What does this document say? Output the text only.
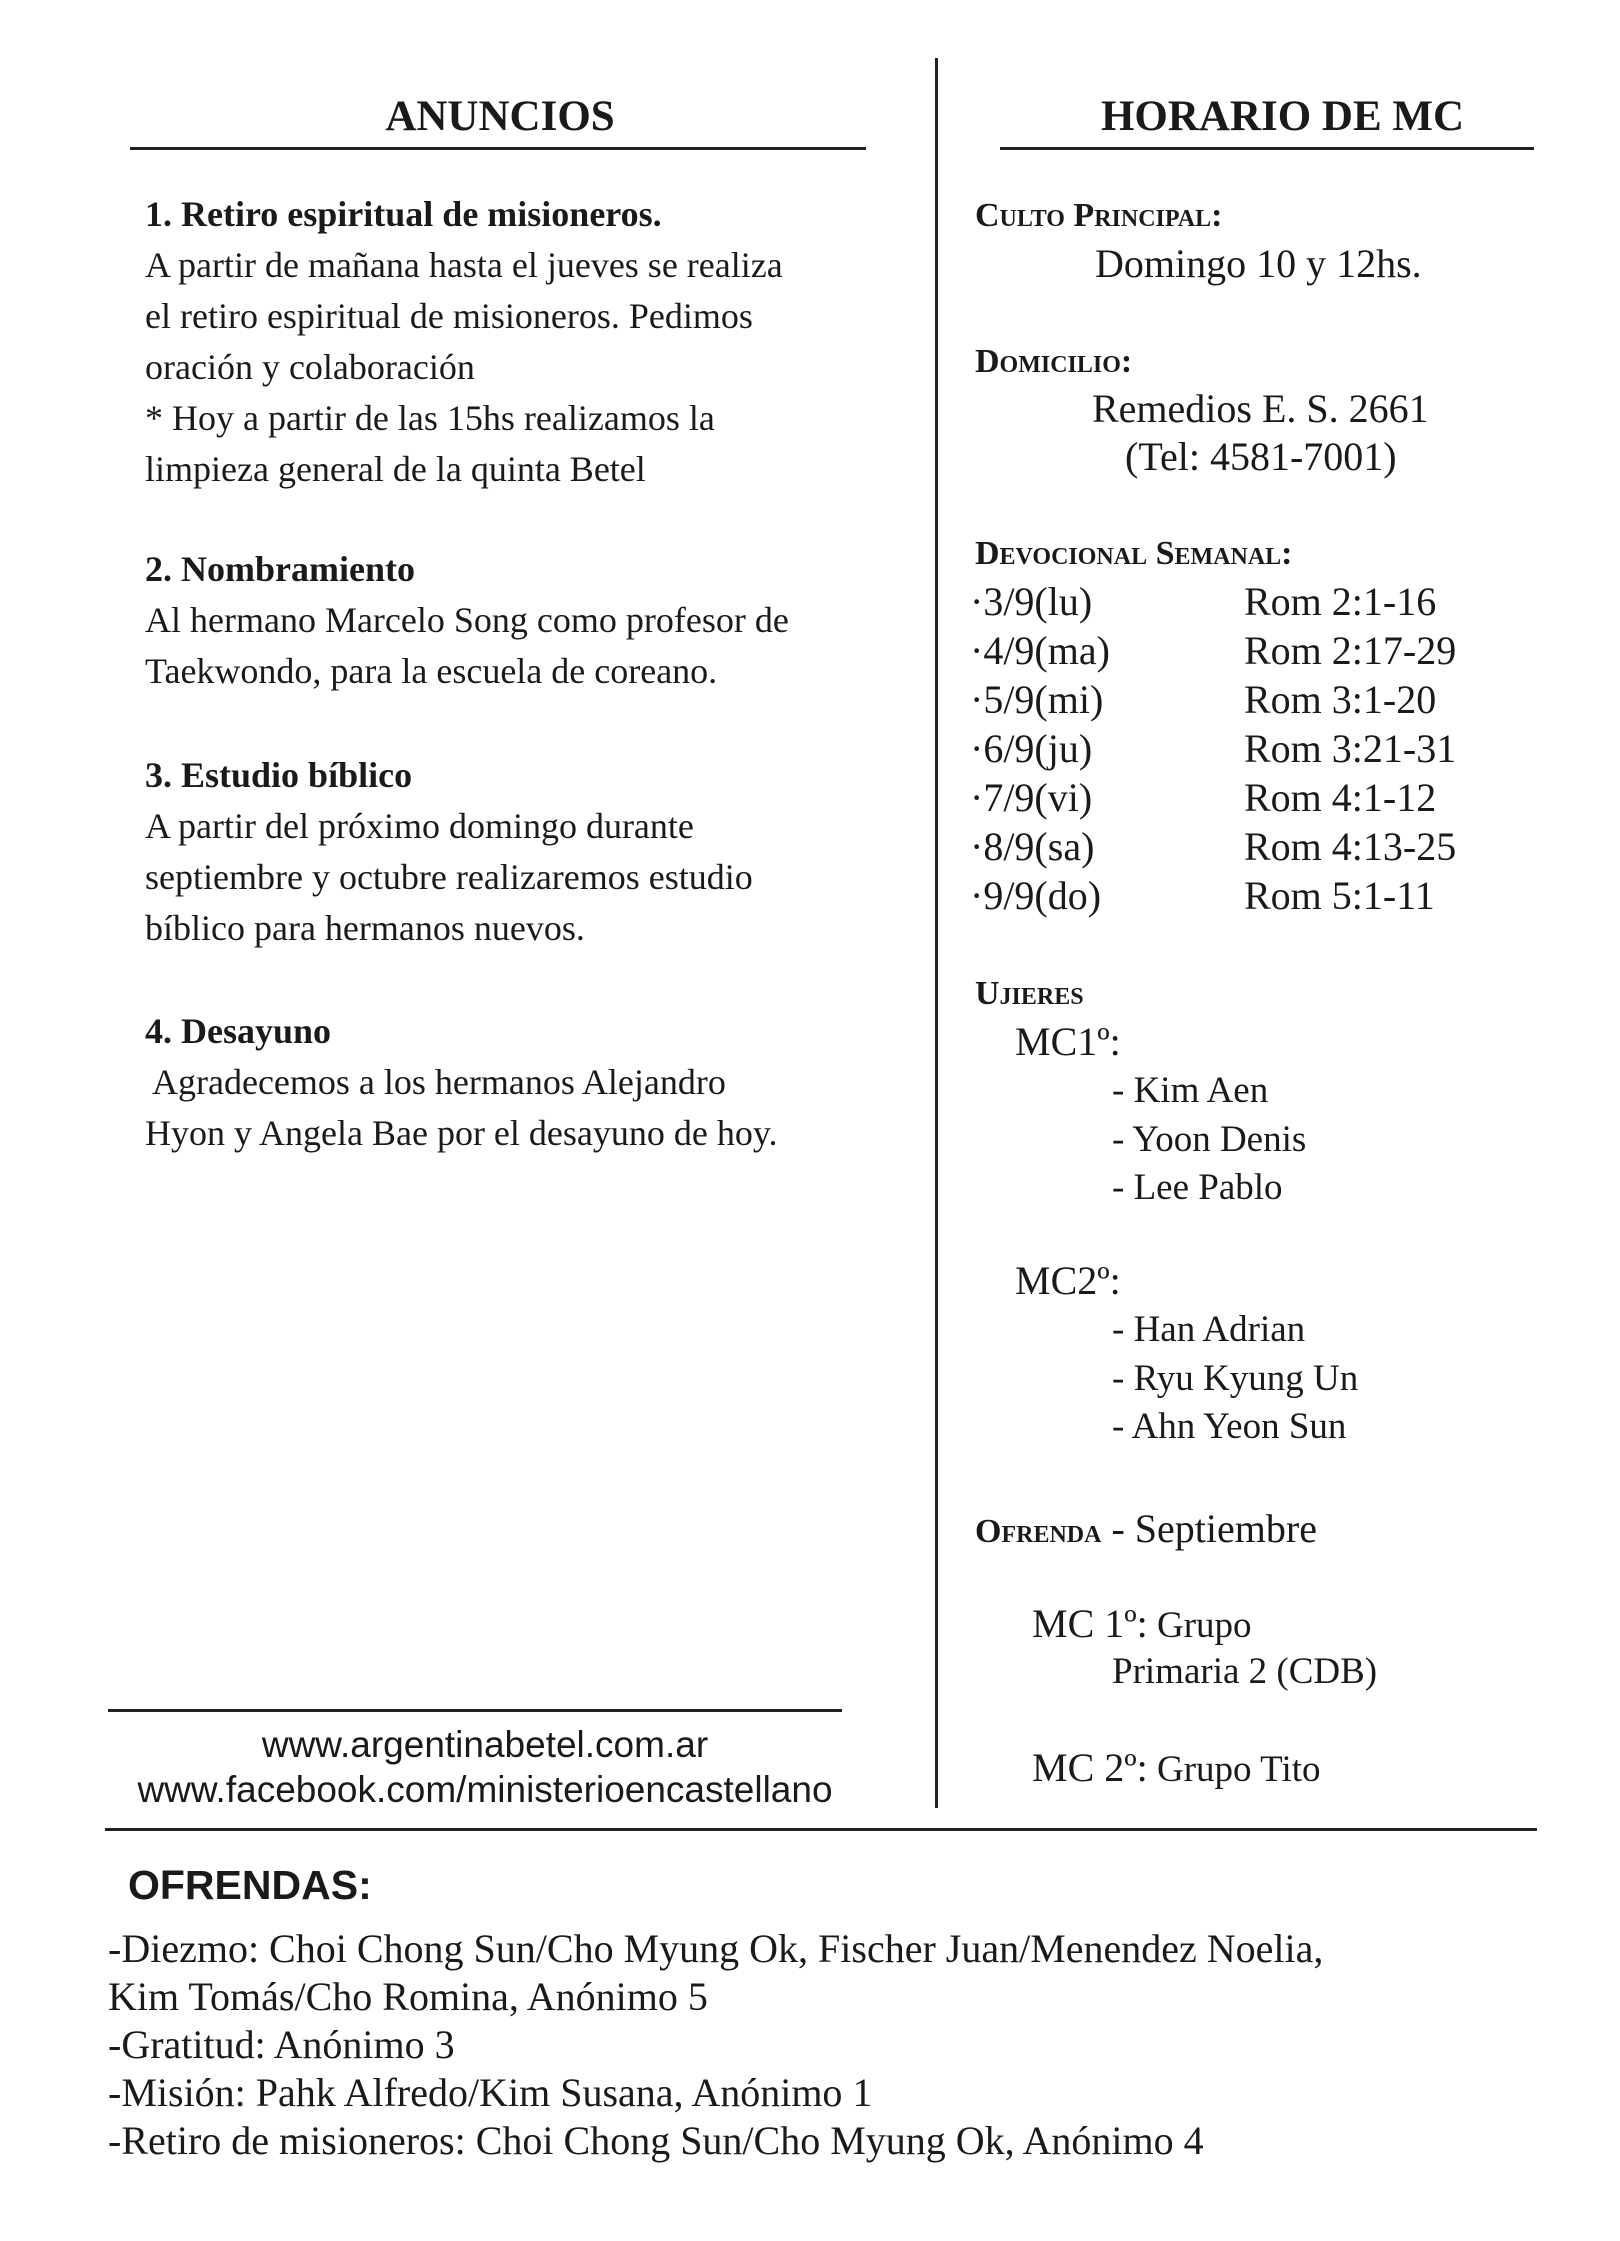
ANUNCIOS
1. Retiro espiritual de misioneros.
A partir de mañana hasta el jueves se realiza
el retiro espiritual de misioneros. Pedimos
oración y colaboración
* Hoy a partir de las 15hs realizamos la
limpieza general de la quinta Betel
2. Nombramiento
Al hermano Marcelo Song como profesor de
Taekwondo, para la escuela de coreano.
3. Estudio bíblico
A partir del próximo domingo durante
septiembre y octubre realizaremos estudio
bíblico para hermanos nuevos.
4. Desayuno
Agradecemos a los hermanos Alejandro
Hyon y Angela Bae por el desayuno de hoy.
www.argentinabetel.com.ar
www.facebook.com/ministerioencastellano
HORARIO DE MC
Culto Principal:
Domingo 10 y 12hs.
Domicilio:
Remedios E. S. 2661
(Tel: 4581-7001)
Devocional Semanal:
·3/9(lu)	Rom 2:1-16
·4/9(ma)	Rom 2:17-29
·5/9(mi)	Rom 3:1-20
·6/9(ju)	Rom 3:21-31
·7/9(vi)	Rom 4:1-12
·8/9(sa)	Rom 4:13-25
·9/9(do)	Rom 5:1-11
Ujieres
MC1º:
- Kim Aen
- Yoon Denis
- Lee Pablo
MC2º:
- Han Adrian
- Ryu Kyung Un
- Ahn Yeon Sun
Ofrenda - Septiembre
MC 1º: Grupo
Primaria 2 (CDB)
MC 2º: Grupo Tito
OFRENDAS:
-Diezmo: Choi Chong Sun/Cho Myung Ok, Fischer Juan/Menendez Noelia,
Kim Tomás/Cho Romina, Anónimo 5
-Gratitud: Anónimo 3
-Misión: Pahk Alfredo/Kim Susana, Anónimo 1
-Retiro de misioneros: Choi Chong Sun/Cho Myung Ok, Anónimo 4
